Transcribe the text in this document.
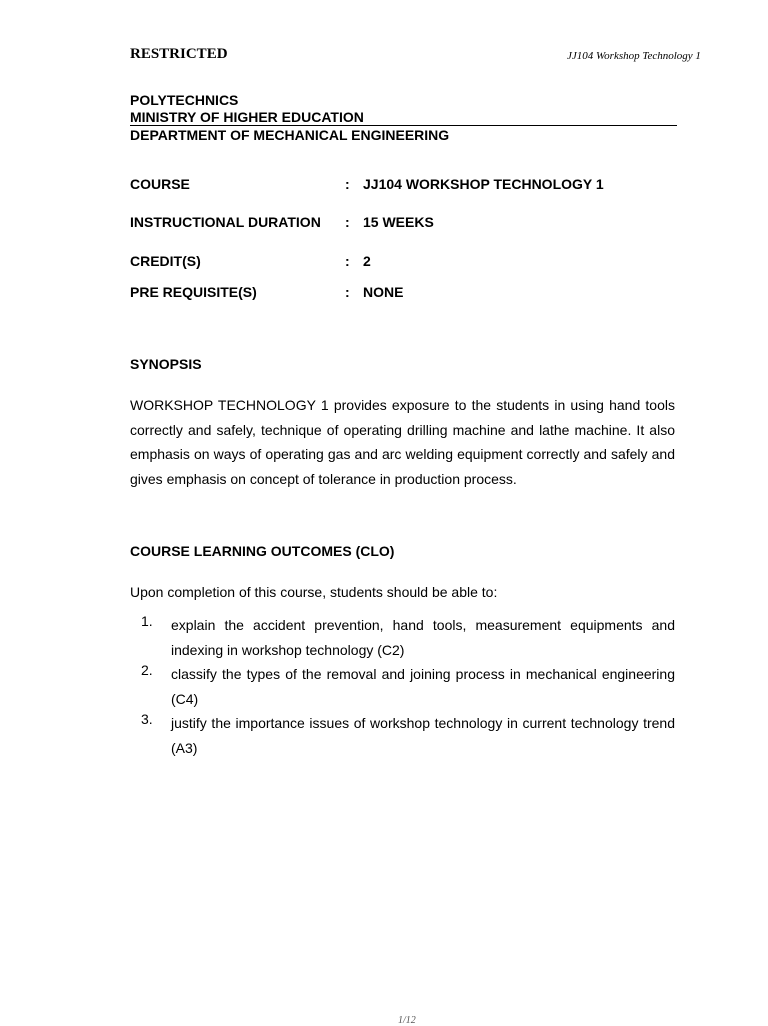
RESTRICTED	JJ104 Workshop Technology 1
POLYTECHNICS
MINISTRY OF HIGHER EDUCATION
DEPARTMENT OF MECHANICAL ENGINEERING
COURSE	: JJ104 WORKSHOP TECHNOLOGY 1
INSTRUCTIONAL DURATION : 15 WEEKS
CREDIT(S)	: 2
PRE REQUISITE(S)	: NONE
SYNOPSIS
WORKSHOP TECHNOLOGY 1 provides exposure to the students in using hand tools
correctly and safely, technique of operating drilling machine and lathe machine. It also
emphasis on ways of operating gas and arc welding equipment correctly and safely and
gives emphasis on concept of tolerance in production process.
COURSE LEARNING OUTCOMES (CLO)
Upon completion of this course, students should be able to:
1. explain the accident prevention, hand tools, measurement equipments and indexing in workshop technology (C2)
2. classify the types of the removal and joining process in mechanical engineering (C4)
3. justify the importance issues of workshop technology in current technology trend (A3)
1/12
